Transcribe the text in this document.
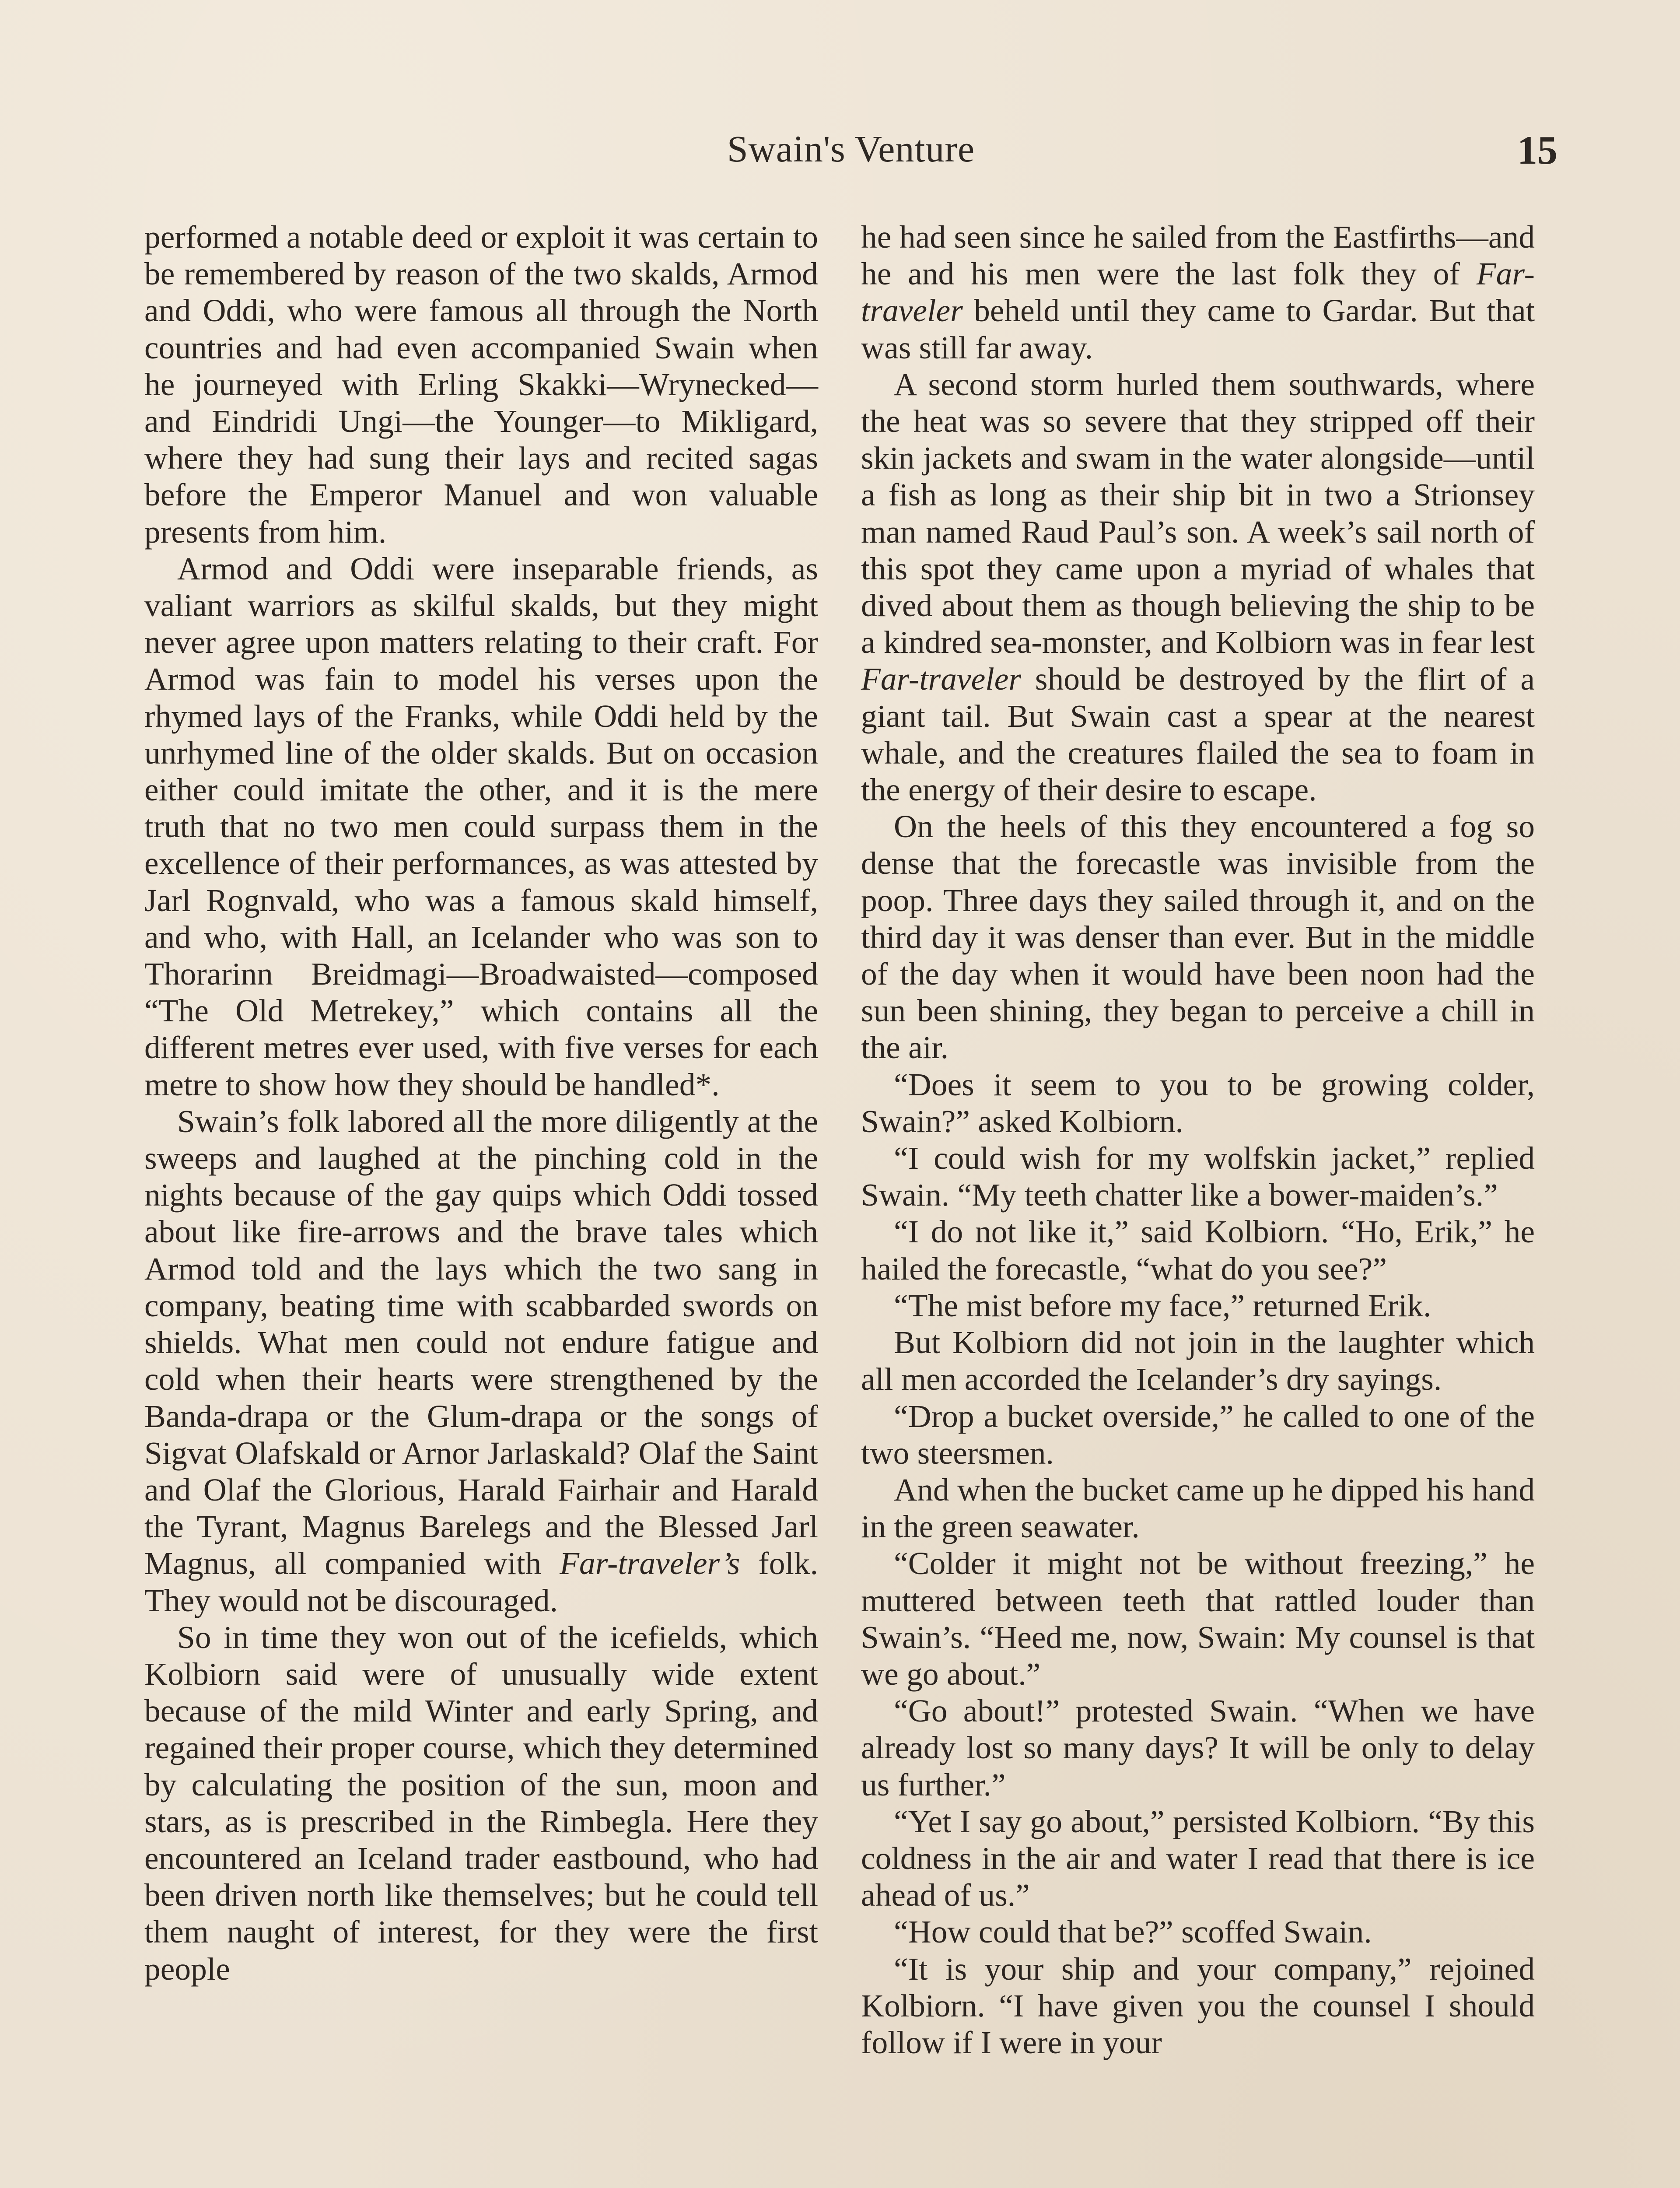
Swain's Venture	15

performed a notable deed or exploit it was certain to be remembered by reason of the two skalds, Armod and Oddi, who were famous all through the North countries and had even accompanied Swain when he journeyed with Erling Skakki—Wrynecked—and Eindridi Ungi—the Younger—to Mikligard, where they had sung their lays and recited sagas before the Emperor Manuel and won valuable presents from him.

Armod and Oddi were inseparable friends, as valiant warriors as skilful skalds, but they might never agree upon matters relating to their craft. For Armod was fain to model his verses upon the rhymed lays of the Franks, while Oddi held by the unrhymed line of the older skalds. But on occasion either could imitate the other, and it is the mere truth that no two men could surpass them in the excellence of their performances, as was attested by Jarl Rognvald, who was a famous skald himself, and who, with Hall, an Icelander who was son to Thorarinn Breidmagi—Broadwaisted—composed “The Old Metrekey,” which contains all the different metres ever used, with five verses for each metre to show how they should be handled*.

Swain’s folk labored all the more diligently at the sweeps and laughed at the pinching cold in the nights because of the gay quips which Oddi tossed about like fire-arrows and the brave tales which Armod told and the lays which the two sang in company, beating time with scabbarded swords on shields. What men could not endure fatigue and cold when their hearts were strengthened by the Banda-drapa or the Glum-drapa or the songs of Sigvat Olafskald or Arnor Jarlaskald? Olaf the Saint and Olaf the Glorious, Harald Fairhair and Harald the Tyrant, Magnus Barelegs and the Blessed Jarl Magnus, all companied with Far-traveler’s folk. They would not be discouraged.

So in time they won out of the icefields, which Kolbiorn said were of unusually wide extent because of the mild Winter and early Spring, and regained their proper course, which they determined by calculating the position of the sun, moon and stars, as is prescribed in the Rimbegla. Here they encountered an Iceland trader eastbound, who had been driven north like themselves; but he could tell them naught of interest, for they were the first people

he had seen since he sailed from the Eastfirths—and he and his men were the last folk they of Far-traveler beheld until they came to Gardar. But that was still far away.

A second storm hurled them southwards, where the heat was so severe that they stripped off their skin jackets and swam in the water alongside—until a fish as long as their ship bit in two a Strionsey man named Raud Paul’s son. A week’s sail north of this spot they came upon a myriad of whales that dived about them as though believing the ship to be a kindred sea-monster, and Kolbiorn was in fear lest Far-traveler should be destroyed by the flirt of a giant tail. But Swain cast a spear at the nearest whale, and the creatures flailed the sea to foam in the energy of their desire to escape.

On the heels of this they encountered a fog so dense that the forecastle was invisible from the poop. Three days they sailed through it, and on the third day it was denser than ever. But in the middle of the day when it would have been noon had the sun been shining, they began to perceive a chill in the air.

“Does it seem to you to be growing colder, Swain?” asked Kolbiorn.

“I could wish for my wolfskin jacket,” replied Swain. “My teeth chatter like a bower-maiden’s.”

“I do not like it,” said Kolbiorn. “Ho, Erik,” he hailed the forecastle, “what do you see?”

“The mist before my face,” returned Erik.

But Kolbiorn did not join in the laughter which all men accorded the Icelander’s dry sayings.

“Drop a bucket overside,” he called to one of the two steersmen.

And when the bucket came up he dipped his hand in the green seawater.

“Colder it might not be without freezing,” he muttered between teeth that rattled louder than Swain’s. “Heed me, now, Swain: My counsel is that we go about.”

“Go about!” protested Swain. “When we have already lost so many days? It will be only to delay us further.”

“Yet I say go about,” persisted Kolbiorn. “By this coldness in the air and water I read that there is ice ahead of us.”

“How could that be?” scoffed Swain.

“It is your ship and your company,” rejoined Kolbiorn. “I have given you the counsel I should follow if I were in your
